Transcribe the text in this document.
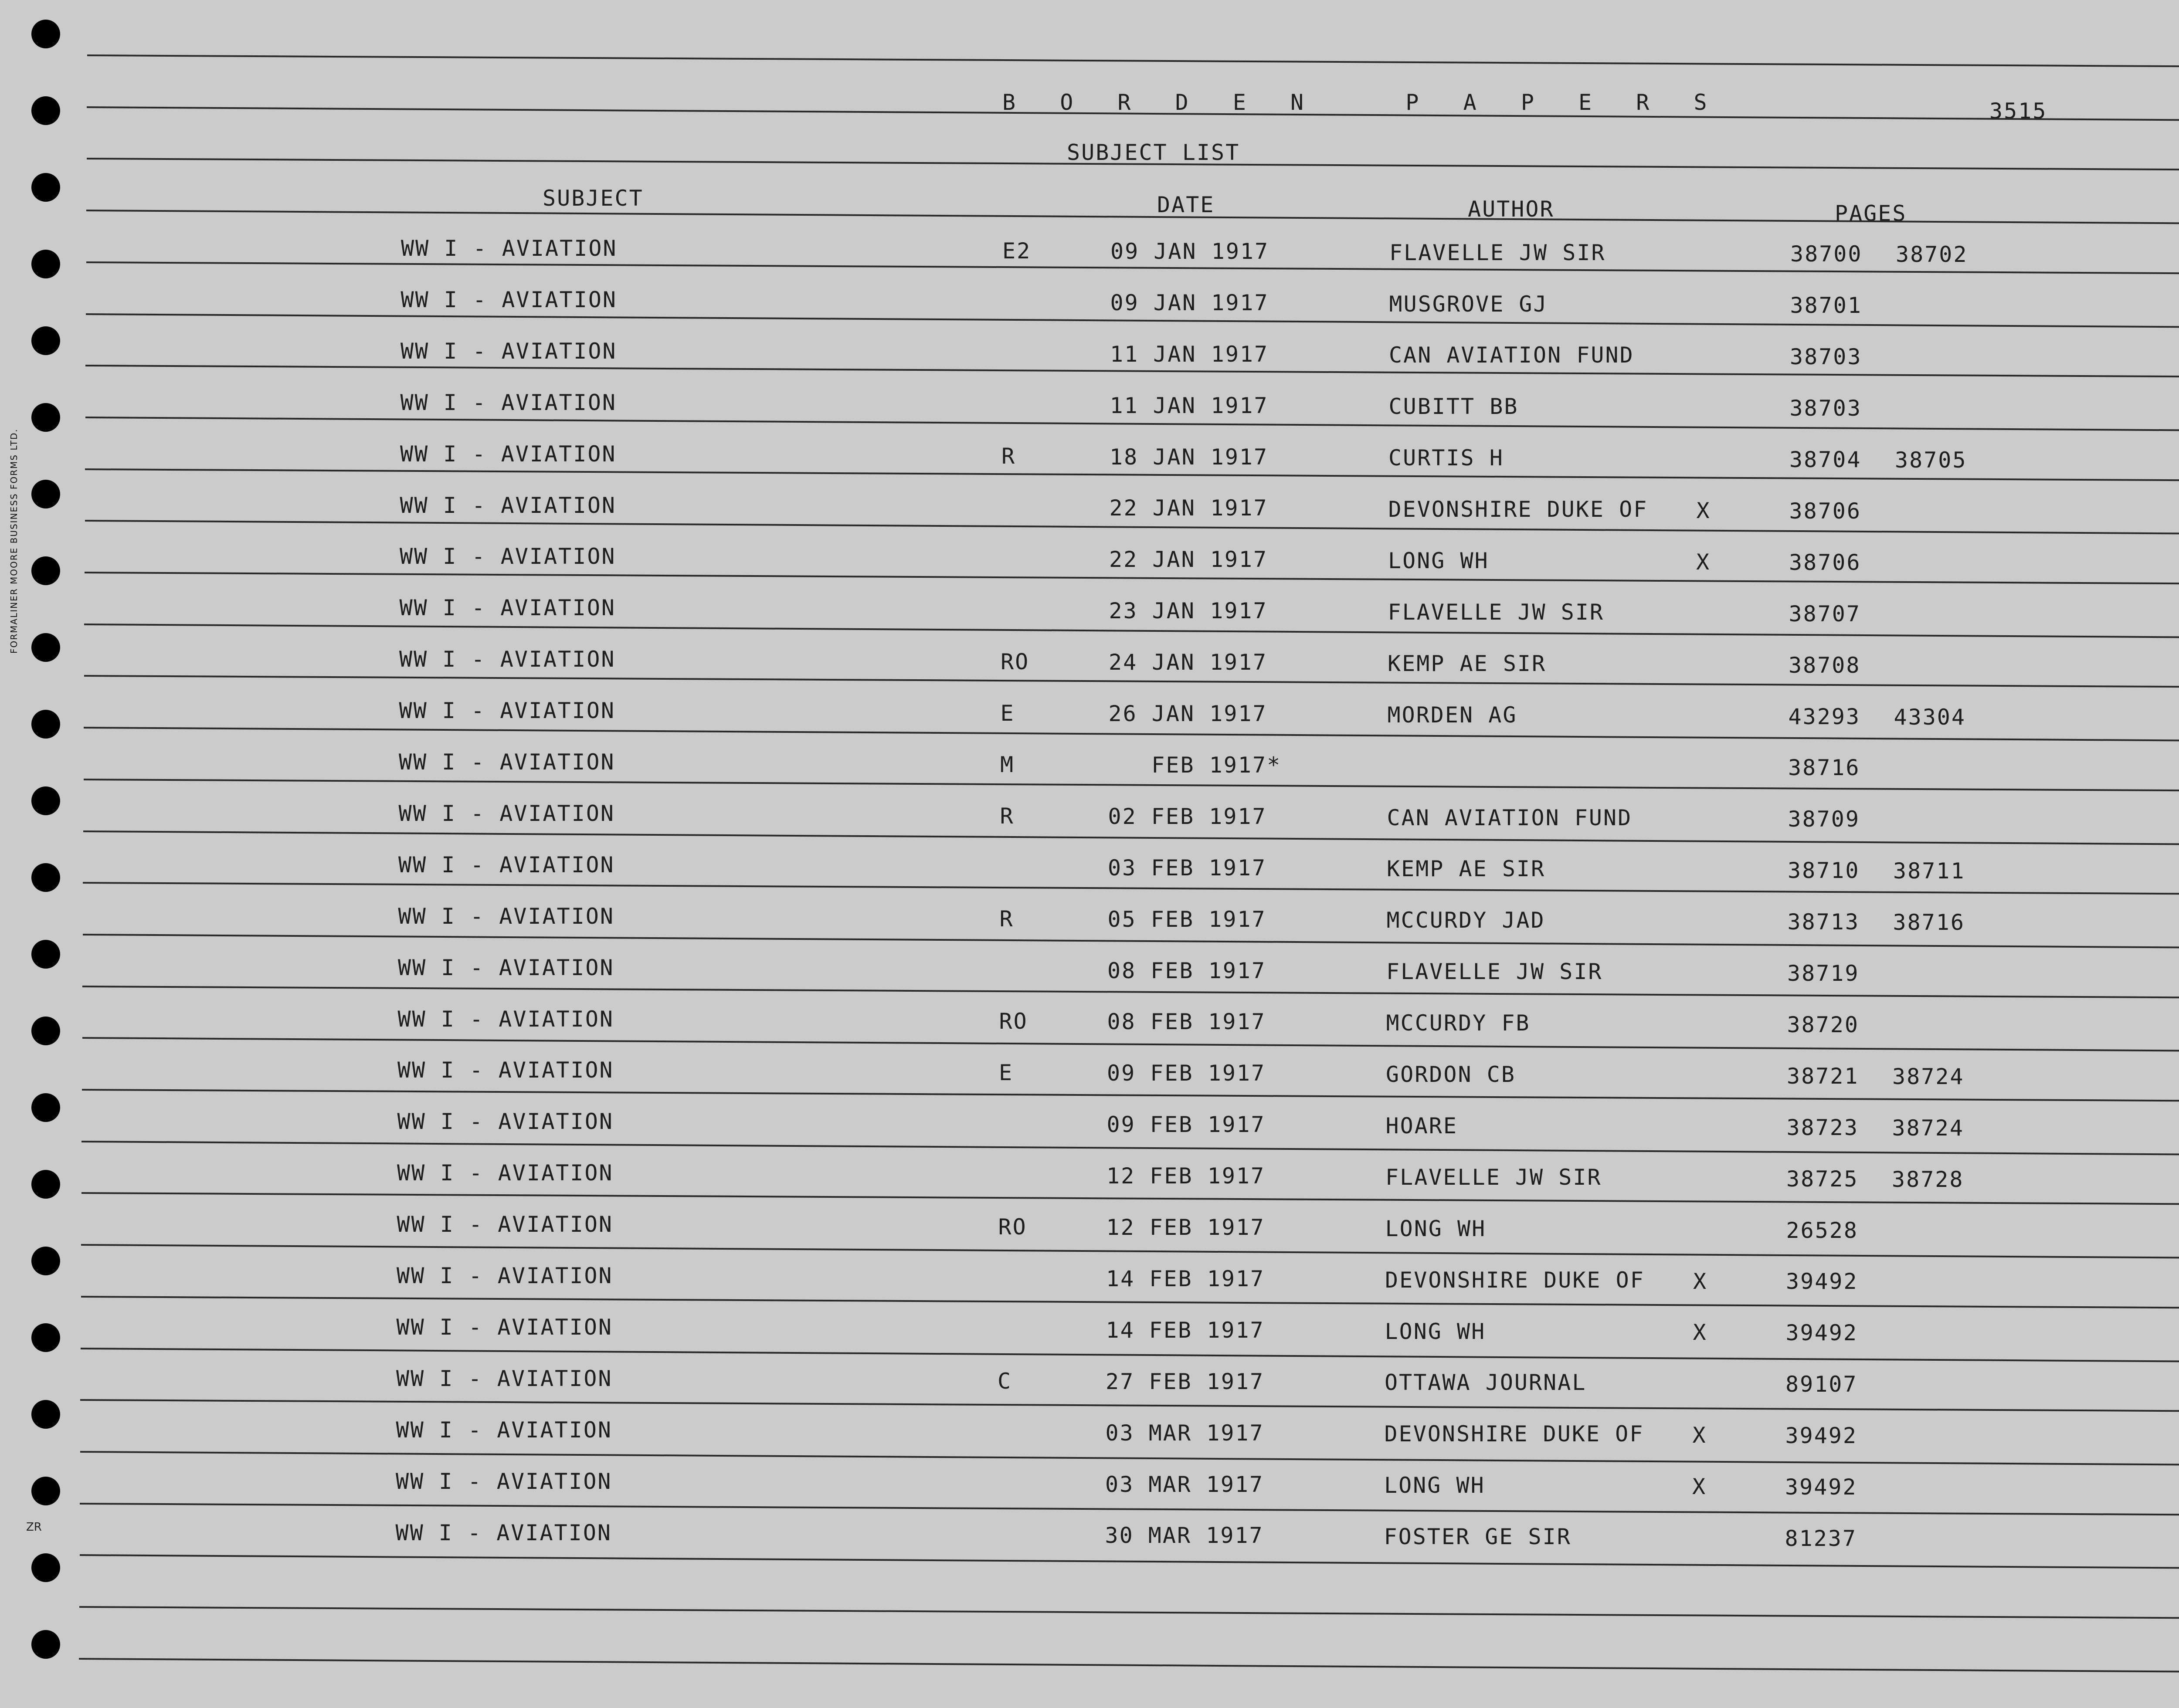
FORMALINER MOORE BUSINESS FORMS LTD.
ZR
B O R D E N   P A P E R S	3515
SUBJECT LIST
SUBJECT	DATE	AUTHOR	PAGES
WW I - AVIATION	E2	09 JAN 1917	FLAVELLE JW SIR	38700 38702
WW I - AVIATION	09 JAN 1917	MUSGROVE GJ	38701
WW I - AVIATION	11 JAN 1917	CAN AVIATION FUND	38703
WW I - AVIATION	11 JAN 1917	CUBITT BB	38703
WW I - AVIATION	R	18 JAN 1917	CURTIS H	38704 38705
WW I - AVIATION	22 JAN 1917	DEVONSHIRE DUKE OF X	38706
WW I - AVIATION	22 JAN 1917	LONG WH	X	38706
WW I - AVIATION	23 JAN 1917	FLAVELLE JW SIR	38707
WW I - AVIATION	RO	24 JAN 1917	KEMP AE SIR	38708
WW I - AVIATION	E	26 JAN 1917	MORDEN AG	43293 43304
WW I - AVIATION	M	FEB 1917*	38716
WW I - AVIATION	R	02 FEB 1917	CAN AVIATION FUND	38709
WW I - AVIATION	03 FEB 1917	KEMP AE SIR	38710 38711
WW I - AVIATION	R	05 FEB 1917	MCCURDY JAD	38713 38716
WW I - AVIATION	08 FEB 1917	FLAVELLE JW SIR	38719
WW I - AVIATION	RO	08 FEB 1917	MCCURDY FB	38720
WW I - AVIATION	E	09 FEB 1917	GORDON CB	38721 38724
WW I - AVIATION	09 FEB 1917	HOARE	38723 38724
WW I - AVIATION	12 FEB 1917	FLAVELLE JW SIR	38725 38728
WW I - AVIATION	RO	12 FEB 1917	LONG WH	26528
WW I - AVIATION	14 FEB 1917	DEVONSHIRE DUKE OF X	39492
WW I - AVIATION	14 FEB 1917	LONG WH	X	39492
WW I - AVIATION	C	27 FEB 1917	OTTAWA JOURNAL	89107
WW I - AVIATION	03 MAR 1917	DEVONSHIRE DUKE OF X	39492
WW I - AVIATION	03 MAR 1917	LONG WH	X	39492
WW I - AVIATION	30 MAR 1917	FOSTER GE SIR	81237
